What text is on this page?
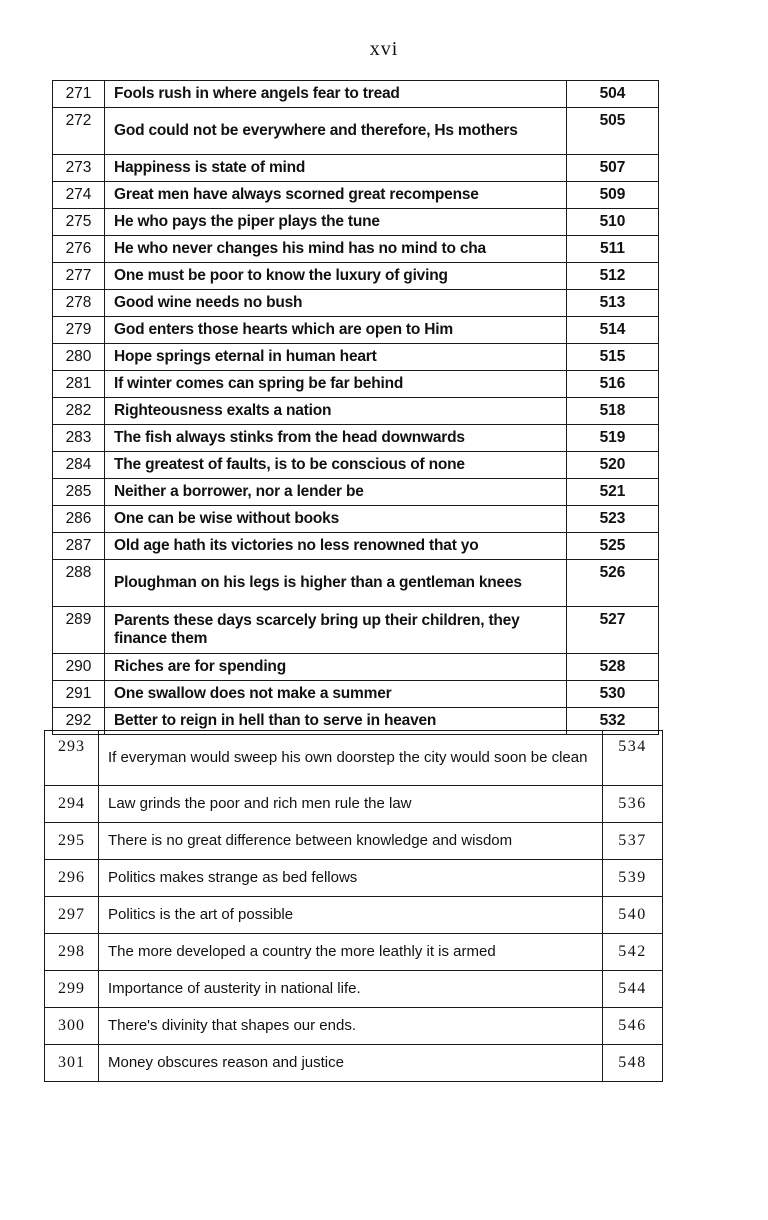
xvi
271	Fools rush in where angels fear to tread	504
272	God could not be everywhere and therefore, Hs mothers	505
273	Happiness is state of mind	507
274	Great men have always scorned great recompense	509
275	He who pays the piper plays the tune	510
276	He who never changes his mind has no mind to cha	511
277	One must be poor to know the luxury of giving	512
278	Good wine needs no bush	513
279	God enters those hearts which are open to Him	514
280	Hope springs eternal in human heart	515
281	If winter comes can spring be far behind	516
282	Righteousness exalts a nation	518
283	The fish always stinks from the head downwards	519
284	The greatest of faults, is to be conscious of none	520
285	Neither a borrower, nor a lender be	521
286	One can be wise without books	523
287	Old age hath its victories no less renowned that yo	525
288	Ploughman on his legs is higher than a gentleman knees	526
289	Parents these days scarcely bring up their children, they finance them	527
290	Riches are for spending	528
291	One swallow does not make a summer	530
292	Better to reign in hell than to serve in heaven	532
293	If everyman would sweep his own doorstep the city would soon be clean	534
294	Law grinds the poor and rich men rule the law	536
295	There is no great difference between knowledge and wisdom	537
296	Politics makes strange as bed fellows	539
297	Politics is the art of possible	540
298	The more developed a country the more leathly it is armed	542
299	Importance of austerity in national life.	544
300	There's divinity that shapes our ends.	546
301	Money obscures reason and justice	548
